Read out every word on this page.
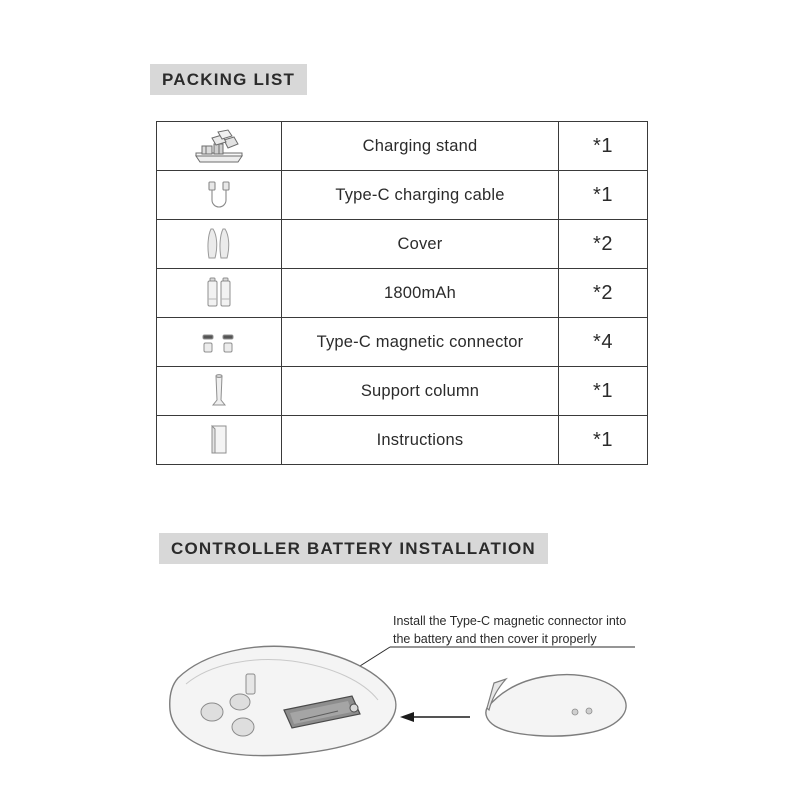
PACKING LIST
	Charging stand	*1

	Type-C charging cable	*1

	Cover	*2

	1800mAh	*2

	Type-C magnetic connector	*4

	Support column	*1

	Instructions	*1
CONTROLLER BATTERY INSTALLATION
Install the Type-C magnetic connector into the battery and then cover it properly
